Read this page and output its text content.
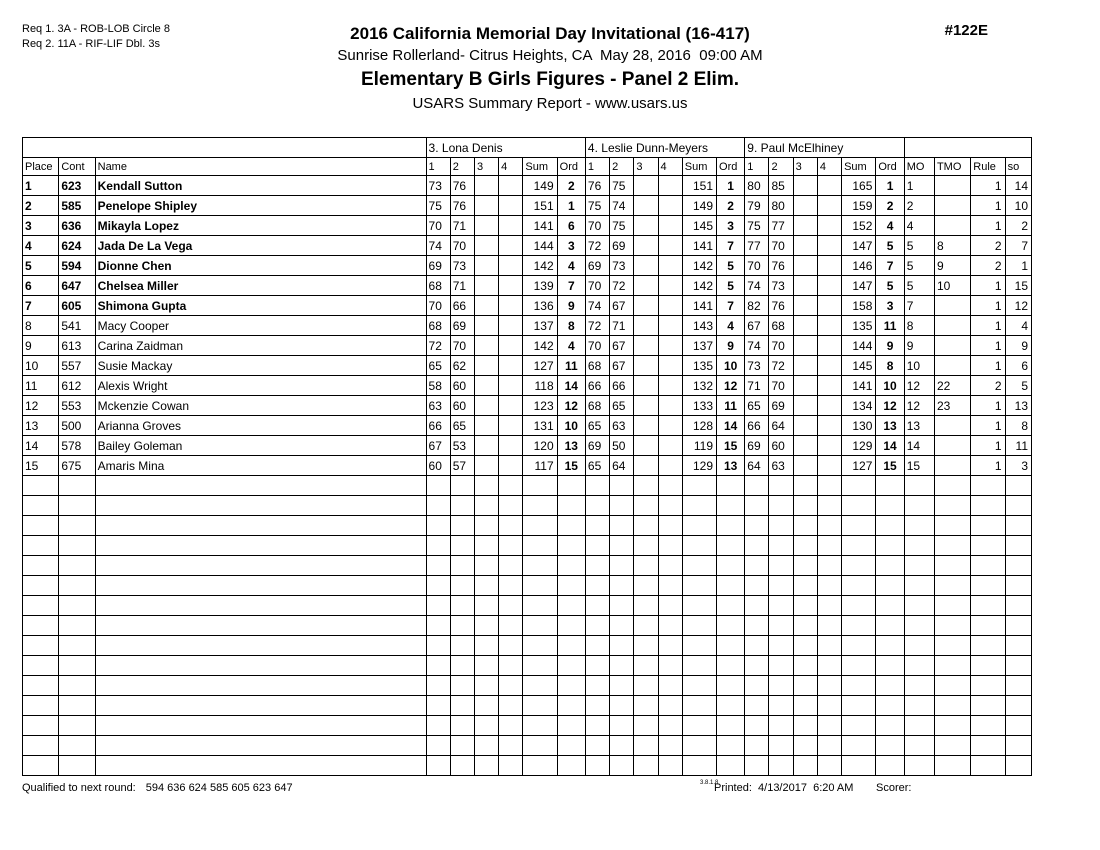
Req 1. 3A - ROB-LOB Circle 8
Req 2. 11A - RIF-LIF Dbl. 3s
2016 California Memorial Day Invitational (16-417)
Sunrise Rollerland- Citrus Heights, CA  May 28, 2016  09:00 AM
Elementary B Girls Figures - Panel 2 Elim.
USARS Summary Report - www.usars.us
#122E
			3. Lona Denis						4. Leslie Dunn-Meyers						9. Paul McElhiney									
Place	Cont	Name	1	2	3	4	Sum	Ord	1	2	3	4	Sum	Ord	1	2	3	4	Sum	Ord	MO	TMO	Rule	so
1	623	Kendall Sutton	73	76			149	2	76	75			151	1	80	85			165	1	1		1	14
2	585	Penelope Shipley	75	76			151	1	75	74			149	2	79	80			159	2	2		1	10
3	636	Mikayla Lopez	70	71			141	6	70	75			145	3	75	77			152	4	4		1	2
4	624	Jada De La Vega	74	70			144	3	72	69			141	7	77	70			147	5	5	8	2	7
5	594	Dionne Chen	69	73			142	4	69	73			142	5	70	76			146	7	5	9	2	1
6	647	Chelsea Miller	68	71			139	7	70	72			142	5	74	73			147	5	5	10	1	15
7	605	Shimona Gupta	70	66			136	9	74	67			141	7	82	76			158	3	7		1	12
8	541	Macy Cooper	68	69			137	8	72	71			143	4	67	68			135	11	8		1	4
9	613	Carina Zaidman	72	70			142	4	70	67			137	9	74	70			144	9	9		1	9
10	557	Susie Mackay	65	62			127	11	68	67			135	10	73	72			145	8	10		1	6
11	612	Alexis Wright	58	60			118	14	66	66			132	12	71	70			141	10	12	22	2	5
12	553	Mckenzie Cowan	63	60			123	12	68	65			133	11	65	69			134	12	12	23	1	13
13	500	Arianna Groves	66	65			131	10	65	63			128	14	66	64			130	13	13		1	8
14	578	Bailey Goleman	67	53			120	13	69	50			119	15	69	60			129	14	14		1	11
15	675	Amaris Mina	60	57			117	15	65	64			129	13	64	63			127	15	15		1	3

Qualified to next round: 594 636 624 585 605 623 647	3.8.1.8
Printed:  4/13/2017  6:20 AM Scorer:
